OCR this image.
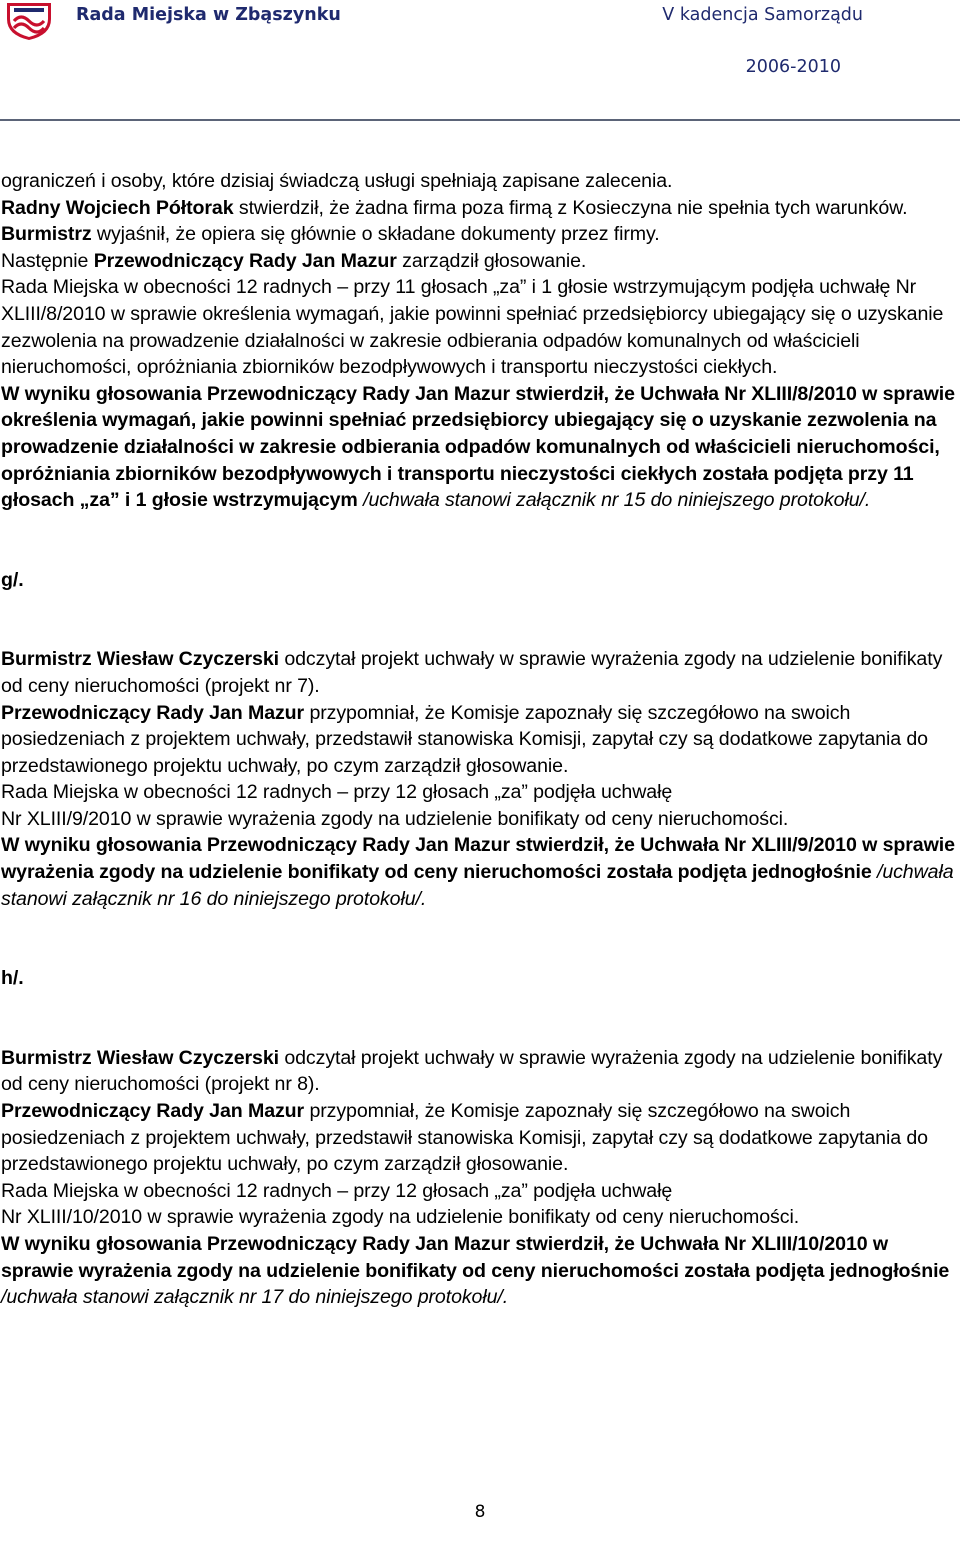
Rada Miejska w Zbąszynku	V kadencja Samorządu
2006-2010

ograniczeń i osoby, które dzisiaj świadczą usługi spełniają zapisane zalecenia.

Radny Wojciech Półtorak stwierdził, że żadna firma poza firmą z Kosieczyna nie spełnia tych warunków.

Burmistrz wyjaśnił, że opiera się głównie o składane dokumenty przez firmy.

Następnie Przewodniczący Rady Jan Mazur zarządził głosowanie.

Rada Miejska w obecności 12 radnych – przy 11 głosach „za” i 1 głosie wstrzymującym podjęła uchwałę Nr XLIII/8/2010 w sprawie określenia wymagań, jakie powinni spełniać przedsiębiorcy ubiegający się o uzyskanie zezwolenia na prowadzenie działalności w zakresie odbierania odpadów komunalnych od właścicieli nieruchomości, opróżniania zbiorników bezodpływowych i transportu nieczystości ciekłych.

W wyniku głosowania Przewodniczący Rady Jan Mazur stwierdził, że Uchwała Nr XLIII/8/2010 w sprawie określenia wymagań, jakie powinni spełniać przedsiębiorcy ubiegający się o uzyskanie zezwolenia na prowadzenie działalności w zakresie odbierania odpadów komunalnych od właścicieli nieruchomości, opróżniania zbiorników bezodpływowych i transportu nieczystości ciekłych została podjęta przy 11 głosach „za” i 1 głosie wstrzymującym /uchwała stanowi załącznik nr 15 do niniejszego protokołu/.

g/.

Burmistrz Wiesław Czyczerski odczytał projekt uchwały w sprawie wyrażenia zgody na udzielenie bonifikaty od ceny nieruchomości (projekt nr 7).

Przewodniczący Rady Jan Mazur przypomniał, że Komisje zapoznały się szczegółowo na swoich posiedzeniach z projektem uchwały, przedstawił stanowiska Komisji, zapytał czy są dodatkowe zapytania do przedstawionego projektu uchwały, po czym zarządził głosowanie.

Rada Miejska w obecności 12 radnych – przy 12 głosach „za” podjęła uchwałę

Nr XLIII/9/2010 w sprawie wyrażenia zgody na udzielenie bonifikaty od ceny nieruchomości.

W wyniku głosowania Przewodniczący Rady Jan Mazur stwierdził, że Uchwała Nr XLIII/9/2010 w sprawie wyrażenia zgody na udzielenie bonifikaty od ceny nieruchomości została podjęta jednogłośnie /uchwała stanowi załącznik nr 16 do niniejszego protokołu/.

h/.

Burmistrz Wiesław Czyczerski odczytał projekt uchwały w sprawie wyrażenia zgody na udzielenie bonifikaty od ceny nieruchomości (projekt nr 8).

Przewodniczący Rady Jan Mazur przypomniał, że Komisje zapoznały się szczegółowo na swoich posiedzeniach z projektem uchwały, przedstawił stanowiska Komisji, zapytał czy są dodatkowe zapytania do przedstawionego projektu uchwały, po czym zarządził głosowanie.

Rada Miejska w obecności 12 radnych – przy 12 głosach „za” podjęła uchwałę

Nr XLIII/10/2010 w sprawie wyrażenia zgody na udzielenie bonifikaty od ceny nieruchomości.

W wyniku głosowania Przewodniczący Rady Jan Mazur stwierdził, że Uchwała Nr XLIII/10/2010 w sprawie wyrażenia zgody na udzielenie bonifikaty od ceny nieruchomości została podjęta jednogłośnie /uchwała stanowi załącznik nr 17 do niniejszego protokołu/.

8
